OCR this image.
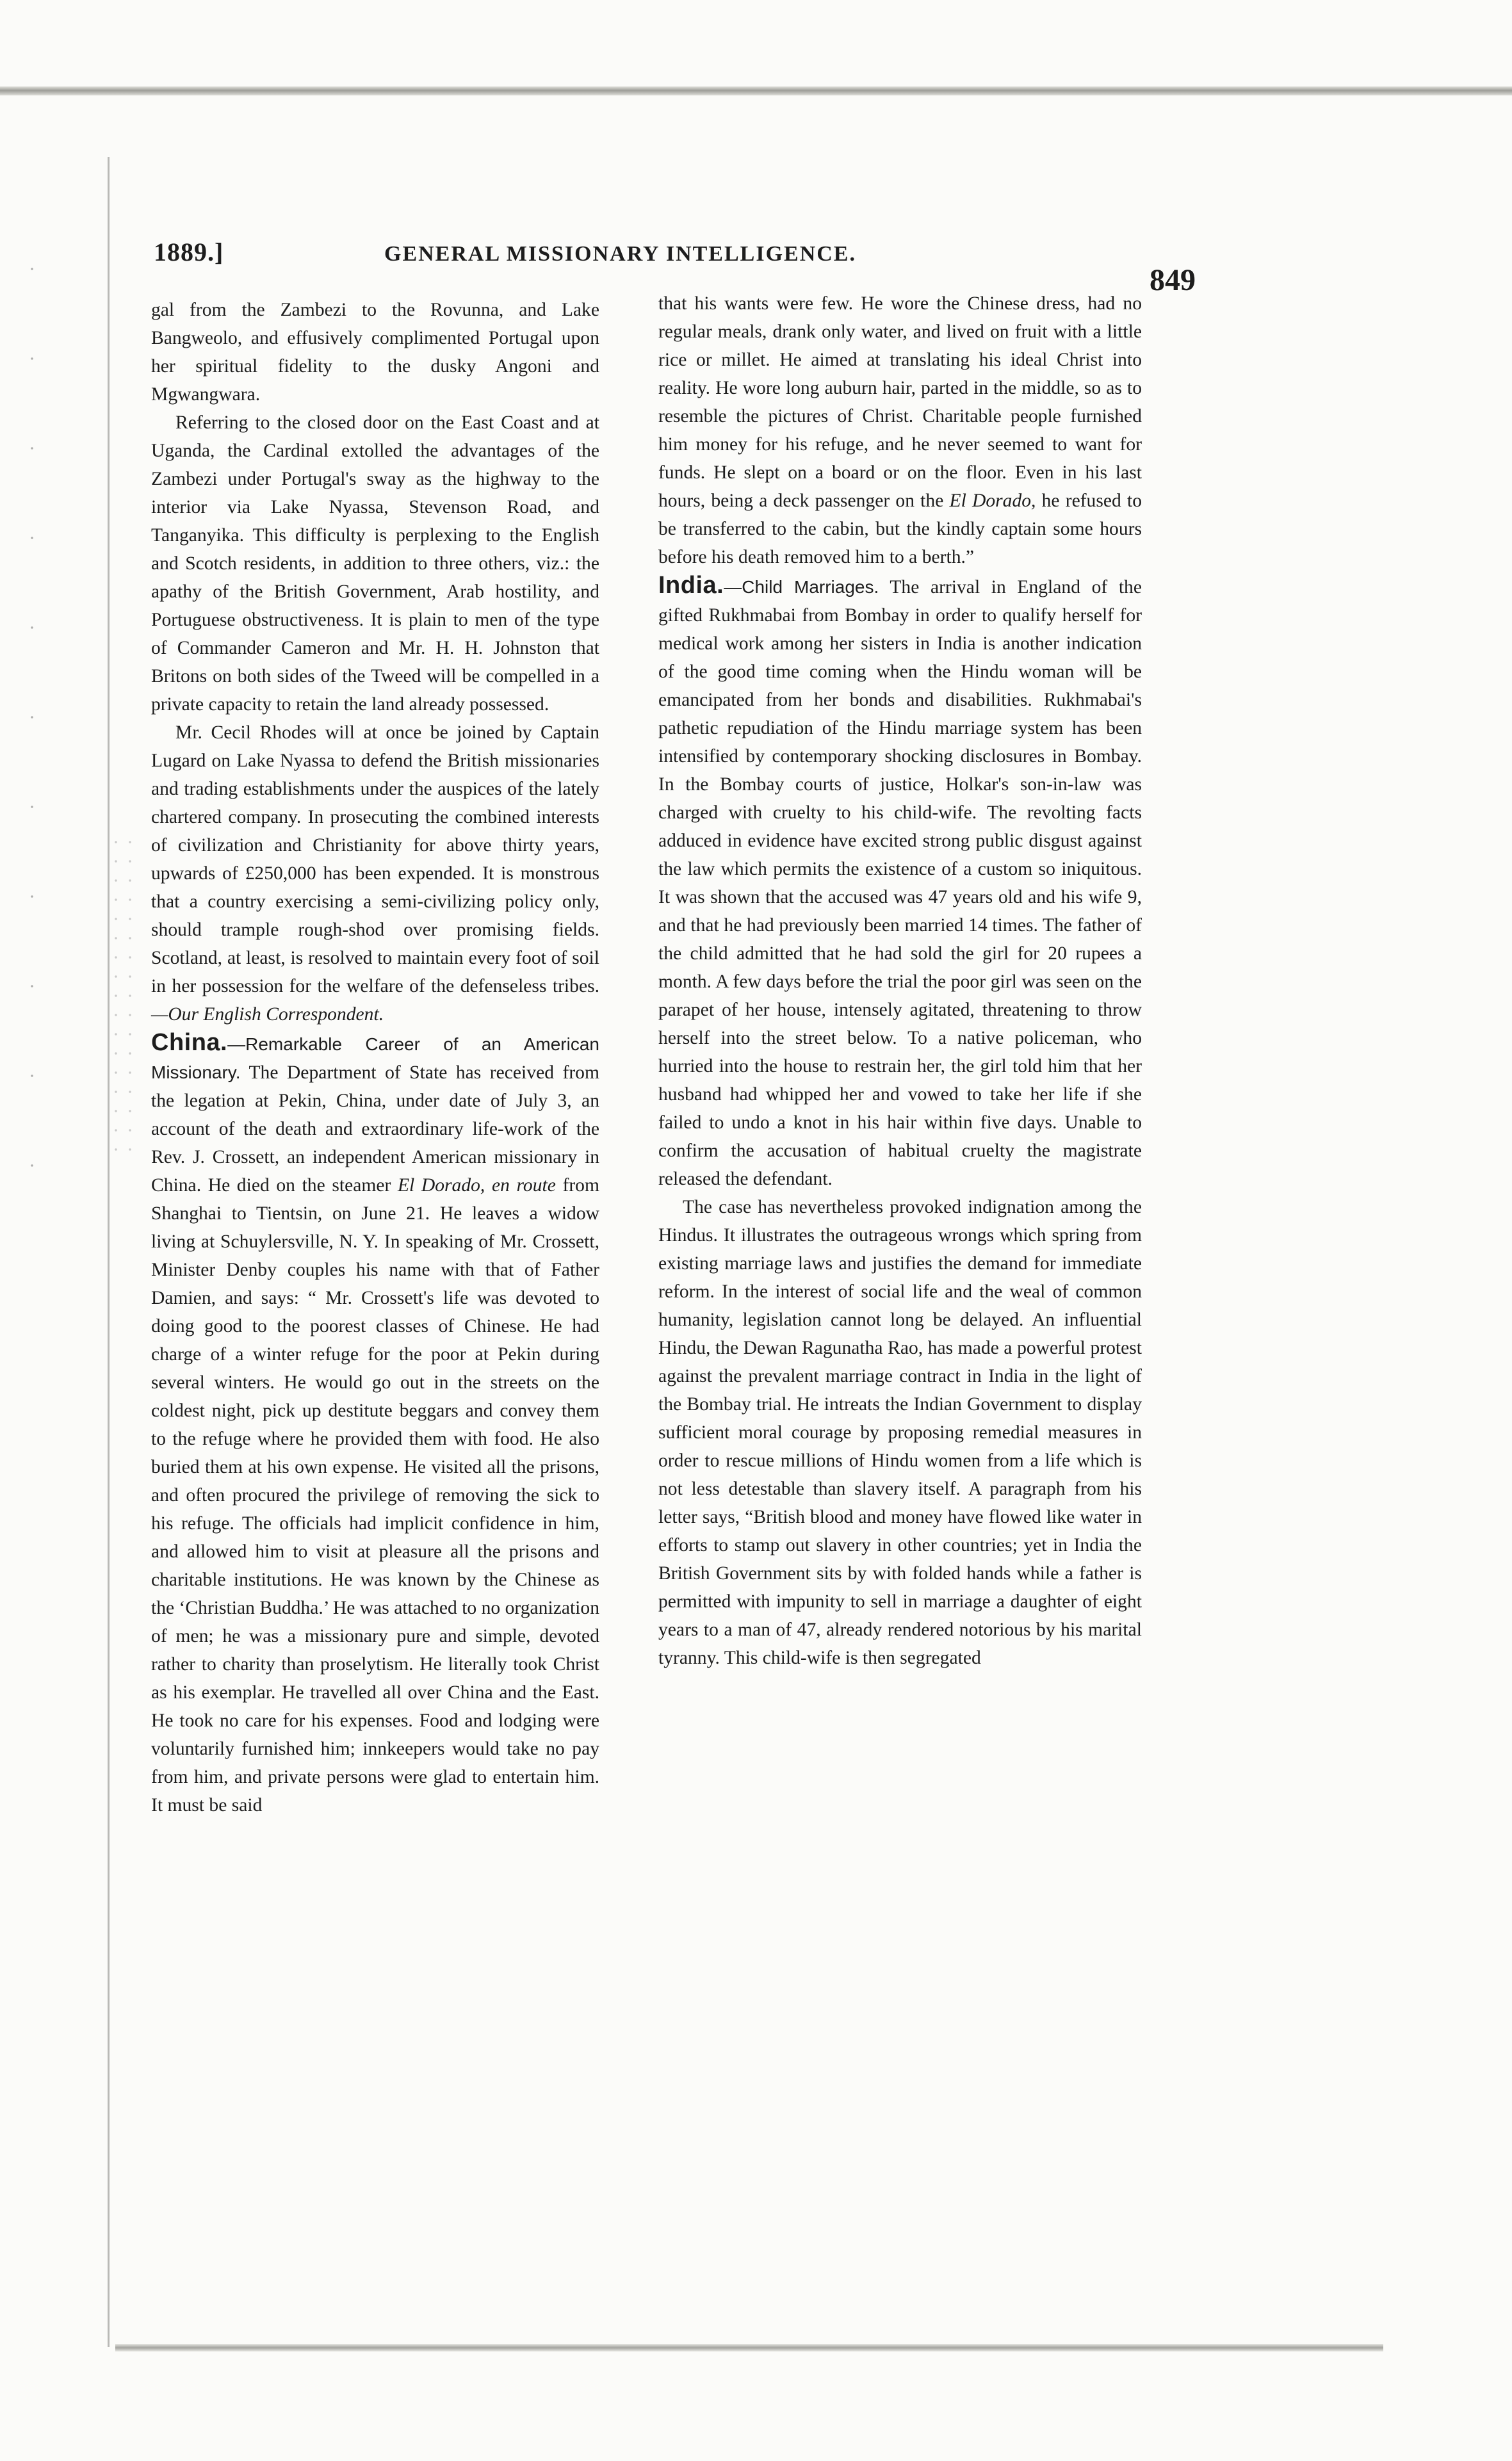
1889.]	GENERAL MISSIONARY INTELLIGENCE.
849

gal from the Zambezi to the Rovunna, and Lake Bangweolo, and effusively complimented Portugal upon her spiritual fidelity to the dusky Angoni and Mgwangwara.

Referring to the closed door on the East Coast and at Uganda, the Cardinal extolled the advantages of the Zambezi under Portugal's sway as the highway to the interior via Lake Nyassa, Stevenson Road, and Tanganyika. This difficulty is perplexing to the English and Scotch residents, in addition to three others, viz.: the apathy of the British Government, Arab hostility, and Portuguese obstructiveness. It is plain to men of the type of Commander Cameron and Mr. H. H. Johnston that Britons on both sides of the Tweed will be compelled in a private capacity to retain the land already possessed.

Mr. Cecil Rhodes will at once be joined by Captain Lugard on Lake Nyassa to defend the British missionaries and trading establishments under the auspices of the lately chartered company. In prosecuting the combined interests of civilization and Christianity for above thirty years, upwards of £250,000 has been expended. It is monstrous that a country exercising a semi-civilizing policy only, should trample rough-shod over promising fields. Scotland, at least, is resolved to maintain every foot of soil in her possession for the welfare of the defenseless tribes.—Our English Correspondent.

China.—Remarkable Career of an American Missionary. The Department of State has received from the legation at Pekin, China, under date of July 3, an account of the death and extraordinary life-work of the Rev. J. Crossett, an independent American missionary in China. He died on the steamer El Dorado, en route from Shanghai to Tientsin, on June 21. He leaves a widow living at Schuylersville, N. Y. In speaking of Mr. Crossett, Minister Denby couples his name with that of Father Damien, and says: “ Mr. Crossett's life was devoted to doing good to the poorest classes of Chinese. He had charge of a winter refuge for the poor at Pekin during several winters. He would go out in the streets on the coldest night, pick up destitute beggars and convey them to the refuge where he provided them with food. He also buried them at his own expense. He visited all the prisons, and often procured the privilege of removing the sick to his refuge. The officials had implicit confidence in him, and allowed him to visit at pleasure all the prisons and charitable institutions. He was known by the Chinese as the ‘Christian Buddha.’ He was attached to no organization of men; he was a missionary pure and simple, devoted rather to charity than proselytism. He literally took Christ as his exemplar. He travelled all over China and the East. He took no care for his expenses. Food and lodging were voluntarily furnished him; innkeepers would take no pay from him, and private persons were glad to entertain him. It must be said

that his wants were few. He wore the Chinese dress, had no regular meals, drank only water, and lived on fruit with a little rice or millet. He aimed at translating his ideal Christ into reality. He wore long auburn hair, parted in the middle, so as to resemble the pictures of Christ. Charitable people furnished him money for his refuge, and he never seemed to want for funds. He slept on a board or on the floor. Even in his last hours, being a deck passenger on the El Dorado, he refused to be transferred to the cabin, but the kindly captain some hours before his death removed him to a berth.”

India.—Child Marriages. The arrival in England of the gifted Rukhmabai from Bombay in order to qualify herself for medical work among her sisters in India is another indication of the good time coming when the Hindu woman will be emancipated from her bonds and disabilities. Rukhmabai's pathetic repudiation of the Hindu marriage system has been intensified by contemporary shocking disclosures in Bombay. In the Bombay courts of justice, Holkar's son-in-law was charged with cruelty to his child-wife. The revolting facts adduced in evidence have excited strong public disgust against the law which permits the existence of a custom so iniquitous. It was shown that the accused was 47 years old and his wife 9, and that he had previously been married 14 times. The father of the child admitted that he had sold the girl for 20 rupees a month. A few days before the trial the poor girl was seen on the parapet of her house, intensely agitated, threatening to throw herself into the street below. To a native policeman, who hurried into the house to restrain her, the girl told him that her husband had whipped her and vowed to take her life if she failed to undo a knot in his hair within five days. Unable to confirm the accusation of habitual cruelty the magistrate released the defendant.

The case has nevertheless provoked indignation among the Hindus. It illustrates the outrageous wrongs which spring from existing marriage laws and justifies the demand for immediate reform. In the interest of social life and the weal of common humanity, legislation cannot long be delayed. An influential Hindu, the Dewan Ragunatha Rao, has made a powerful protest against the prevalent marriage contract in India in the light of the Bombay trial. He intreats the Indian Government to display sufficient moral courage by proposing remedial measures in order to rescue millions of Hindu women from a life which is not less detestable than slavery itself. A paragraph from his letter says, “British blood and money have flowed like water in efforts to stamp out slavery in other countries; yet in India the British Government sits by with folded hands while a father is permitted with impunity to sell in marriage a daughter of eight years to a man of 47, already rendered notorious by his marital tyranny. This child-wife is then segregated
